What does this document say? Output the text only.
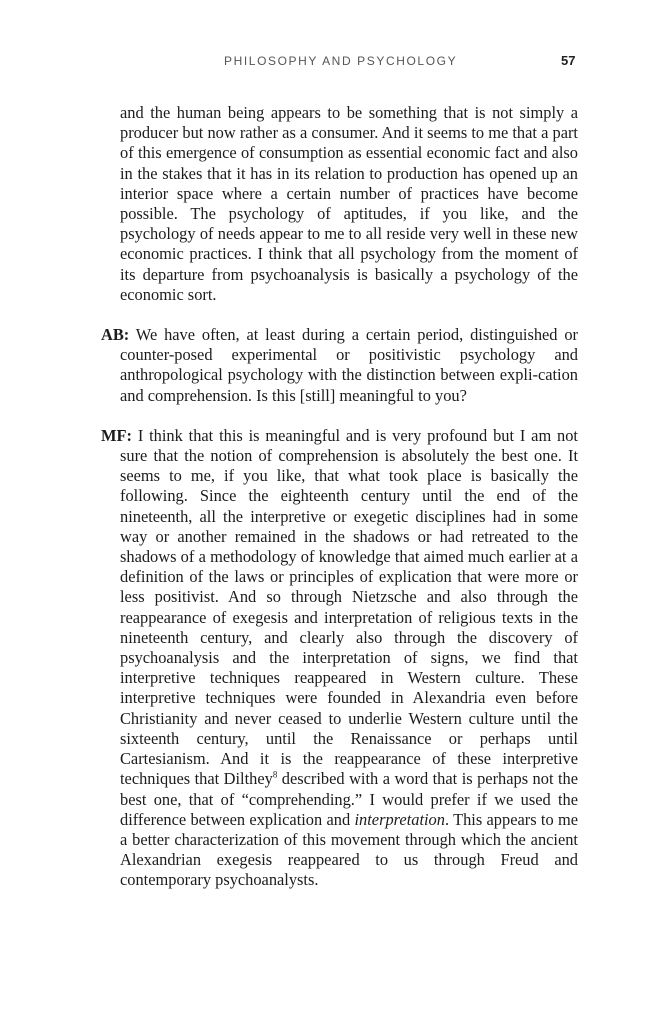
PHILOSOPHY AND PSYCHOLOGY	57

and the human being appears to be something that is not simply a producer but now rather as a consumer. And it seems to me that a part of this emergence of consumption as essential economic fact and also in the stakes that it has in its relation to production has opened up an interior space where a certain number of practices have become possible. The psychology of aptitudes, if you like, and the psychology of needs appear to me to all reside very well in these new economic practices. I think that all psychology from the moment of its departure from psychoanalysis is basically a psychology of the economic sort.

AB: We have often, at least during a certain period, distinguished or counter-posed experimental or positivistic psychology and anthropological psychology with the distinction between expli-cation and comprehension. Is this [still] meaningful to you?

MF: I think that this is meaningful and is very profound but I am not sure that the notion of comprehension is absolutely the best one. It seems to me, if you like, that what took place is basically the following. Since the eighteenth century until the end of the nineteenth, all the interpretive or exegetic disciplines had in some way or another remained in the shadows or had retreated to the shadows of a methodology of knowledge that aimed much earlier at a definition of the laws or principles of explication that were more or less positivist. And so through Nietzsche and also through the reappearance of exegesis and interpretation of religious texts in the nineteenth century, and clearly also through the discovery of psychoanalysis and the interpretation of signs, we find that interpretive techniques reappeared in Western culture. These interpretive techniques were founded in Alexandria even before Christianity and never ceased to underlie Western culture until the sixteenth century, until the Renaissance or perhaps until Cartesianism. And it is the reappearance of these interpretive techniques that Dilthey$^8$ described with a word that is perhaps not the best one, that of “comprehending.” I would prefer if we used the difference between explication and interpretation. This appears to me a better characterization of this movement through which the ancient Alexandrian exegesis reappeared to us through Freud and contemporary psychoanalysts.
